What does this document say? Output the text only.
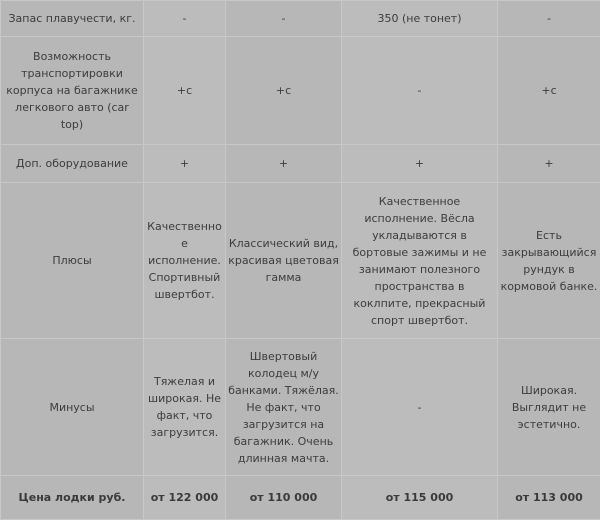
Запас плавучести, кг.	-	-	350 (не тонет)	-
Возможность транспортировки корпуса на багажнике легкового авто (car top)	+с	+с	-	+с
Доп. оборудование	+	+	+	+
Плюсы	Качественное исполнение. Спортивный швертбот.	Классический вид, красивая цветовая гамма	Качественное исполнение. Вёсла укладываются в бортовые зажимы и не занимают полезного пространства в коклпите, прекрасный спорт швертбот.	Есть закрывающийся рундук в кормовой банке.
Минусы	Тяжелая и широкая. Не факт, что загрузится.	Швертовый колодец м/у банками. Тяжёлая. Не факт, что загрузится на багажник. Очень длинная мачта.	-	Широкая. Выглядит не эстетично.
Цена лодки руб.	от 122 000	от 110 000	от 115 000	от 113 000
